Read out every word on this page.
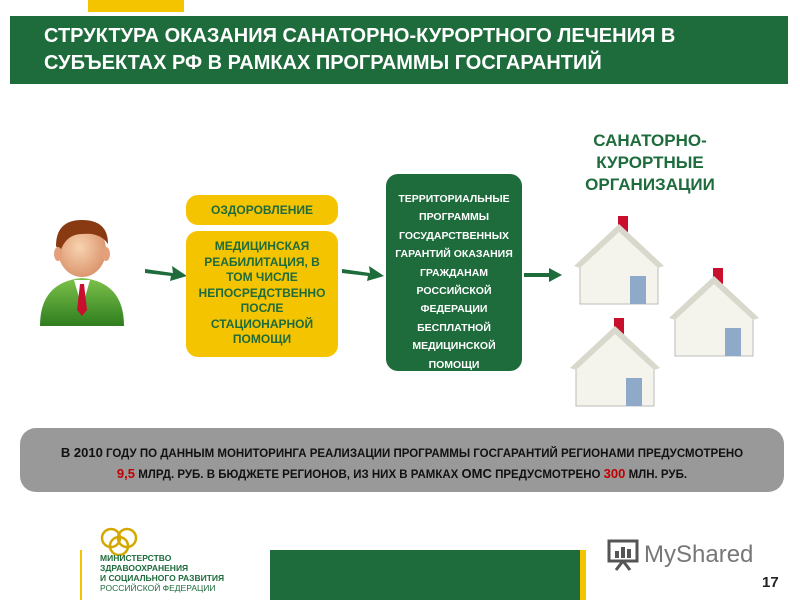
СТРУКТУРА ОКАЗАНИЯ САНАТОРНО-КУРОРТНОГО ЛЕЧЕНИЯ В
СУБЪЕКТАХ РФ В РАМКАХ ПРОГРАММЫ ГОСГАРАНТИЙ
САНАТОРНО-
КУРОРТНЫЕ
ОРГАНИЗАЦИИ
ОЗДОРОВЛЕНИЕ
МЕДИЦИНСКАЯ
РЕАБИЛИТАЦИЯ, В
ТОМ ЧИСЛЕ
НЕПОСРЕДСТВЕННО
ПОСЛЕ
СТАЦИОНАРНОЙ
ПОМОЩИ
ТЕРРИТОРИАЛЬНЫЕ
ПРОГРАММЫ
ГОСУДАРСТВЕННЫХ
ГАРАНТИЙ ОКАЗАНИЯ
ГРАЖДАНАМ
РОССИЙСКОЙ
ФЕДЕРАЦИИ
БЕСПЛАТНОЙ
МЕДИЦИНСКОЙ
ПОМОЩИ
В 2010 ГОДУ ПО ДАННЫМ МОНИТОРИНГА РЕАЛИЗАЦИИ ПРОГРАММЫ ГОСГАРАНТИЙ РЕГИОНАМИ ПРЕДУСМОТРЕНО
9,5 МЛРД. РУБ. В БЮДЖЕТЕ РЕГИОНОВ, ИЗ НИХ В РАМКАХ ОМС ПРЕДУСМОТРЕНО 300 МЛН. РУБ.
МИНИСТЕРСТВО
ЗДРАВООХРАНЕНИЯ
И СОЦИАЛЬНОГО РАЗВИТИЯ
РОССИЙСКОЙ ФЕДЕРАЦИИ
MyShared
17
